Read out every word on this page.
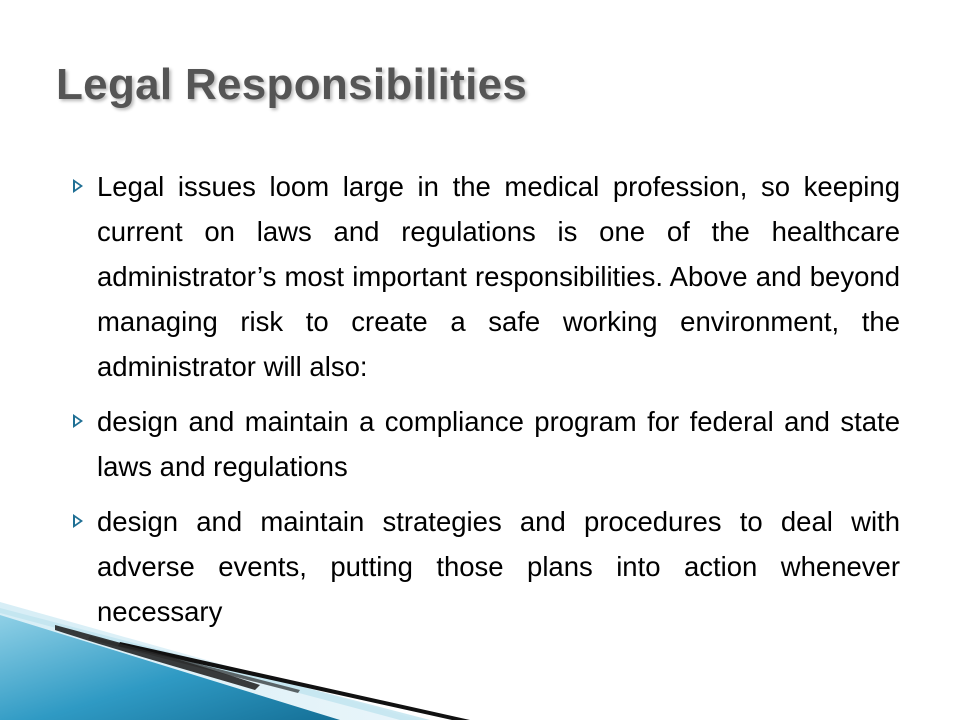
Legal Responsibilities
Legal issues loom large in the medical profession, so keeping current on laws and regulations is one of the healthcare administrator’s most important responsibilities. Above and beyond managing risk to create a safe working environment, the administrator will also:
design and maintain a compliance program for federal and state laws and regulations
design and maintain strategies and procedures to deal with adverse events, putting those plans into action whenever necessary
